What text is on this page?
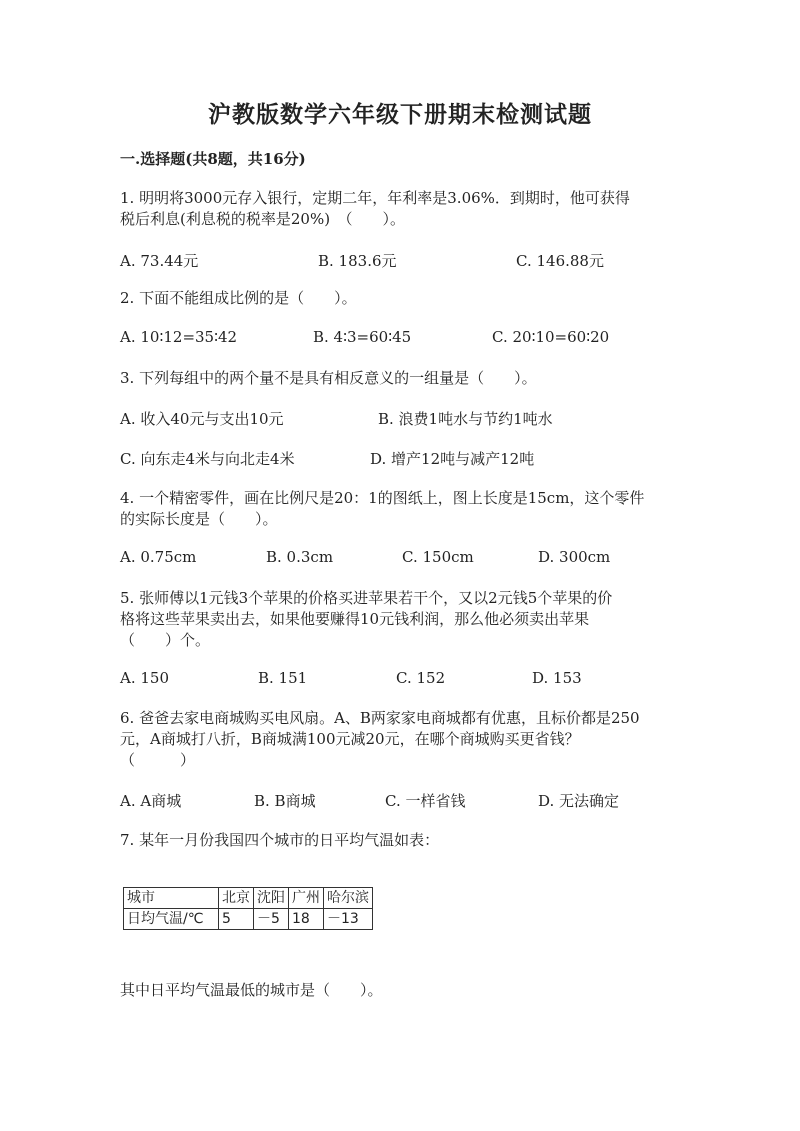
沪教版数学六年级下册期末检测试题
一.选择题(共8题，共16分)
1. 明明将3000元存入银行，定期二年，年利率是3.06%．到期时，他可获得
税后利息(利息税的税率是20%)　（　　）。
A. 73.44元	B. 183.6元	C. 146.88元
2. 下面不能组成比例的是（　　）。
A. 10∶12=35∶42	B. 4∶3=60∶45	C. 20∶10=60∶20
3. 下列每组中的两个量不是具有相反意义的一组量是（　　）。
A. 收入40元与支出10元	B. 浪费1吨水与节约1吨水
C. 向东走4米与向北走4米	D. 增产12吨与减产12吨
4. 一个精密零件，画在比例尺是20：1的图纸上，图上长度是15cm，这个零件
的实际长度是（　　）。
A. 0.75cm	B. 0.3cm	C. 150cm	D. 300cm
5. 张师傅以1元钱3个苹果的价格买进苹果若干个，又以2元钱5个苹果的价
格将这些苹果卖出去，如果他要赚得10元钱利润，那么他必须卖出苹果
（　　）个。
A. 150	B. 151	C. 152	D. 153
6. 爸爸去家电商城购买电风扇。A、B两家家电商城都有优惠，且标价都是250
元，A商城打八折，B商城满100元减20元，在哪个商城购买更省钱？
（　　　）
A. A商城	B. B商城	C. 一样省钱	D. 无法确定
7. 某年一月份我国四个城市的日平均气温如表：
城市	北京	沈阳	广州	哈尔滨
日均气温/℃	5	－5	18	－13
其中日平均气温最低的城市是（　　）。
